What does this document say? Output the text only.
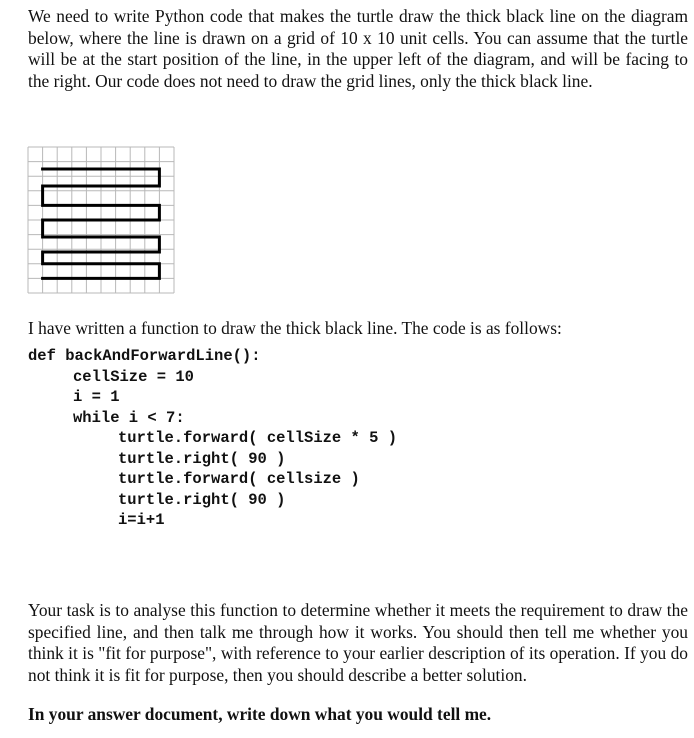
We need to write Python code that makes the turtle draw the thick black line on the diagram below, where the line is drawn on a grid of 10 x 10 unit cells. You can assume that the turtle will be at the start position of the line, in the upper left of the diagram, and will be facing to the right. Our code does not need to draw the grid lines, only the thick black line.

I have written a function to draw the thick black line. The code is as follows:

def backAndForwardLine():
cellSize = 10
i = 1
while i < 7:
turtle.forward( cellSize * 5 )
turtle.right( 90 )
turtle.forward( cellsize )
turtle.right( 90 )
i=i+1

Your task is to analyse this function to determine whether it meets the requirement to draw the specified line, and then talk me through how it works. You should then tell me whether you think it is "fit for purpose", with reference to your earlier description of its operation. If you do not think it is fit for purpose, then you should describe a better solution.

In your answer document, write down what you would tell me.
